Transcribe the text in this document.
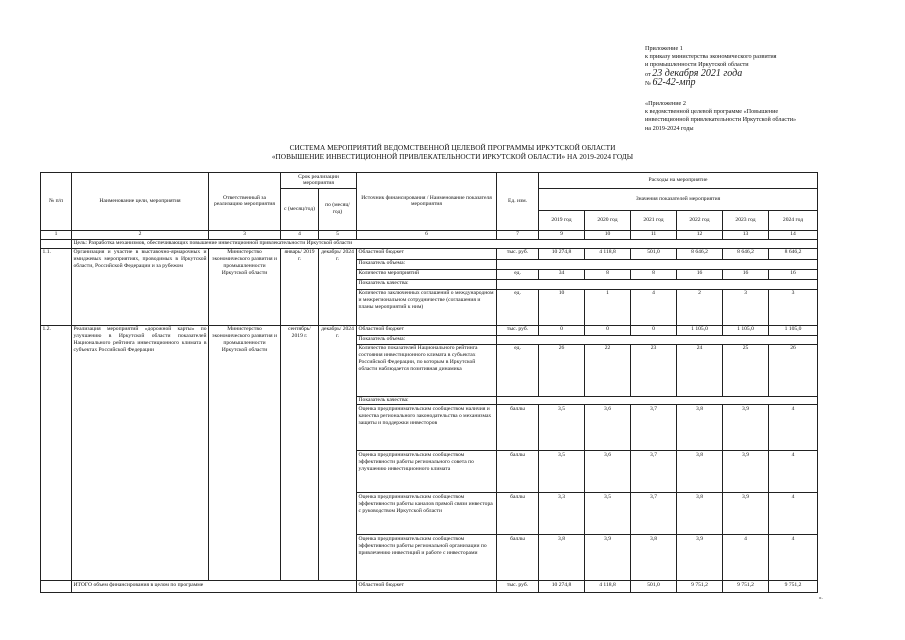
Приложение 1
к приказу министерства экономического развития
и промышленности Иркутской области
от 23 декабря 2021 года
№ 62-42-мпр
«Приложение 2
к ведомственной целевой программе «Повышение
инвестиционной привлекательности Иркутской области»
на 2019-2024 годы
СИСТЕМА МЕРОПРИЯТИЙ ВЕДОМСТВЕННОЙ ЦЕЛЕВОЙ ПРОГРАММЫ ИРКУТСКОЙ ОБЛАСТИ
«ПОВЫШЕНИЕ ИНВЕСТИЦИОННОЙ ПРИВЛЕКАТЕЛЬНОСТИ ИРКУТСКОЙ ОБЛАСТИ» НА 2019-2024 ГОДЫ
№ п/п	Наименование цели, мероприятия	Ответственный за реализацию мероприятия	Срок реализации мероприятия		Источник финансирования / Наименование показателя мероприятия	Ед. изм.	Расходы на мероприятие					
			с (месяц/год)	по (месяц/год)			Значения показателей мероприятия					
							2019 год	2020 год	2021 год	2022 год	2023 год	2024 год
1	2	3	4	5	6	7	9	10	11	12	13	14
	Цель: Разработка механизмов, обеспечивающих повышение инвестиционной привлекательности Иркутской области											
1.1.	Организация и участие в выставочно-ярмарочных и имиджевых мероприятиях, проводимых в Иркутской области, Российской Федерации и за рубежом	Министерство экономического развития и промышленности Иркутской области	январь/ 2019 г.	декабрь/ 2024 г.	Областной бюджет	тыс. руб.	10 274,8	4 118,8	501,0	8 646,2	8 646,2	8 646,2
					Показатель объема:							
					Количество мероприятий	ед.	34	8	8	16	16	16
					Показатель качества:							
					Количество заключенных соглашений о международном и межрегиональном сотрудничестве (соглашения и планы мероприятий к ним)	ед.	10	1	4	2	3	3
1.2.	Реализация мероприятий «дорожной карты» по улучшению в Иркутской области показателей Национального рейтинга инвестиционного климата в субъектах Российской Федерации	Министерство экономического развития и промышленности Иркутской области	сентябрь/ 2019 г.	декабрь/ 2024 г.	Областной бюджет	тыс. руб.	0	0	0	1 105,0	1 105,0	1 105,0
					Показатель объема:							
					Количество показателей Национального рейтинга состояния инвестиционного климата в субъектах Российской Федерации, по которым в Иркутской области наблюдается позитивная динамика	ед.	26	22	23	24	25	26
					Показатель качества:							
					Оценка предпринимательским сообществом наличия и качества регионального законодательства о механизмах защиты и поддержки инвесторов	баллы	3,5	3,6	3,7	3,8	3,9	4
					Оценка предпринимательским сообществом эффективности работы регионального совета по улучшению инвестиционного климата	баллы	3,5	3,6	3,7	3,8	3,9	4
					Оценка предпринимательским сообществом эффективности работы каналов прямой связи инвестора с руководством Иркутской области	баллы	3,3	3,5	3,7	3,8	3,9	4
					Оценка предпринимательским сообществом эффективности работы региональной организации по привлечению инвестиций и работе с инвесторами	баллы	3,8	3,9	3,8	3,9	4	4
	ИТОГО объем финансирования в целом по программе				Областной бюджет	тыс. руб.	10 274,8	4 118,8	501,0	9 751,2	9 751,2	9 751,2
».
